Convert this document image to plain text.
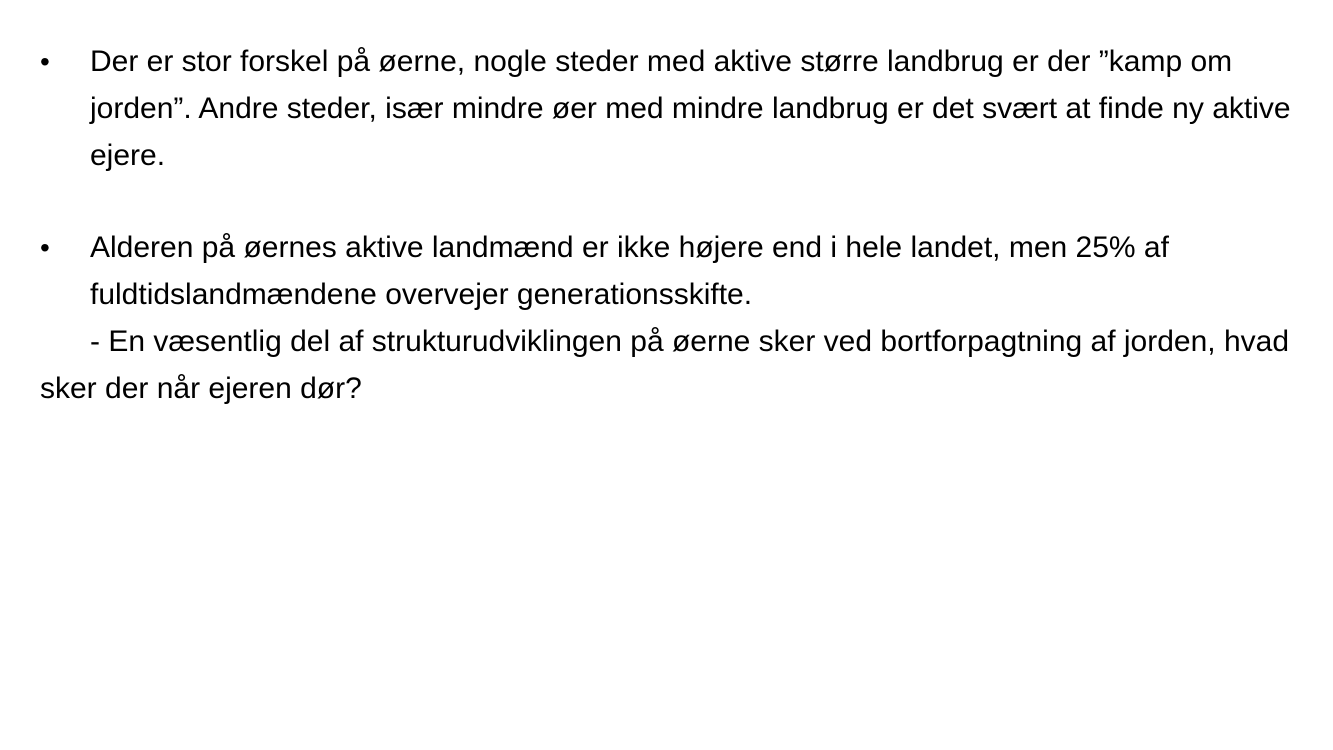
• Der er stor forskel på øerne, nogle steder med aktive større landbrug er der ”kamp om jorden”. Andre steder, især mindre øer med mindre landbrug er det svært at finde ny aktive ejere.
• Alderen på øernes aktive landmænd er ikke højere end i hele landet, men 25% af fuldtidslandmændene overvejer generationsskifte.
- En væsentlig del af strukturudviklingen på øerne sker ved bortforpagtning af jorden, hvad sker der når ejeren dør?
